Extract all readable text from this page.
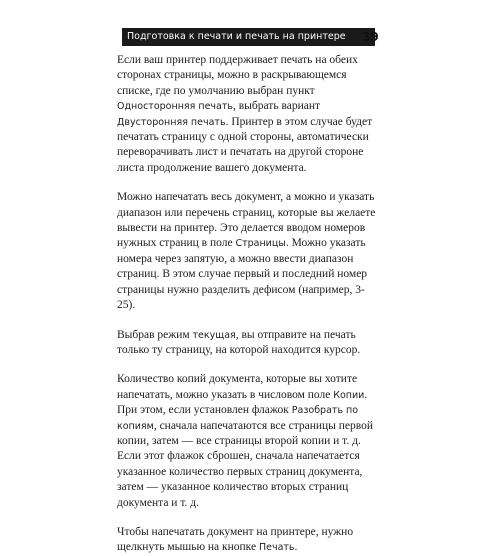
Подготовка к печати и печать на принтере 39

Если ваш принтер поддерживает печать на обеих сторонах страницы, можно в раскрывающемся списке, где по умолчанию выбран пункт Односторонняя печать, выбрать вариант Двусторонняя печать. Принтер в этом случае будет печатать страницу с одной стороны, автоматически переворачивать лист и печатать на другой стороне листа продолжение вашего документа.

Можно напечатать весь документ, а можно и указать диапазон или перечень страниц, которые вы желаете вывести на принтер. Это делается вводом номеров нужных страниц в поле Страницы. Можно указать номера через запятую, а можно ввести диапазон страниц. В этом случае первый и последний номер страницы нужно разделить дефисом (например, 3-25).

Выбрав режим текущая, вы отправите на печать только ту страницу, на которой находится курсор.

Количество копий документа, которые вы хотите напечатать, можно указать в числовом поле Копии. При этом, если установлен флажок Разобрать по копиям, сначала напечатаются все страницы первой копии, затем — все страницы второй копии и т. д. Если этот флажок сброшен, сначала напечатается указанное количество первых страниц документа, затем — указанное количество вторых страниц документа и т. д.

Чтобы напечатать документ на принтере, нужно щелкнуть мышью на кнопке Печать.
